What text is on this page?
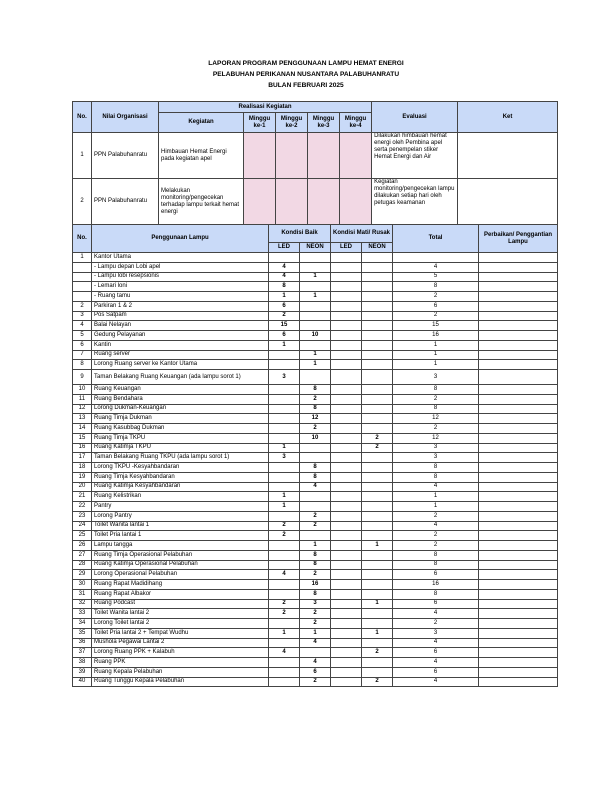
LAPORAN PROGRAM PENGGUNAAN LAMPU HEMAT ENERGI
PELABUHAN PERIKANAN NUSANTARA PALABUHANRATU
BULAN FEBRUARI 2025
No.	Nilai Organisasi	Realisasi Kegiatan					Evaluasi	Ket
		Kegiatan	Minggu ke-1	Minggu ke-2	Minggu ke-3	Minggu ke-4		
1	PPN Palabuhanratu	Himbauan Hemat Energi pada kegiatan apel					Dilakukan himbauan hemat energi oleh Pembina apel serta penempelan stiker Hemat Energi dan Air	
2	PPN Palabuhanratu	Melakukan monitoring/pengecekan terhadap lampu terkait hemat energi					Kegiatan monitoring/pengecekan lampu dilakukan setiap hari oleh petugas keamanan	
No.	Penggunaan Lampu	Kondisi Baik		Kondisi Mati/ Rusak		Total	Perbaikan/ Penggantian Lampu
		LED	NEON	LED	NEON		
1	Kantor Utama						
	- Lampu depan Lobi apel	4				4	
	- Lampu lobi resepsionis	4	1			5	
	- Lemari loni	8				8	
	- Ruang tamu	1	1			2	
2	Parkiran 1 & 2	6				6	
3	Pos Satpam	2				2	
4	Balai Nelayan	15				15	
5	Gedung Pelayanan	6	10			16	
6	Kantin	1				1	
7	Ruang server		1			1	
8	Lorong Ruang server ke Kantor Utama		1			1	
9	Taman Belakang Ruang Keuangan (ada lampu sorot 1)	3				3	
10	Ruang Keuangan		8			8	
11	Ruang Bendahara		2			2	
12	Lorong Dukman-Keuangan		8			8	
13	Ruang Timja Dukman		12			12	
14	Ruang Kasubbag Dukman		2			2	
15	Ruang Timja TKPU		10		2	12	
16	Ruang Katimja TKPU	1			2	3	
17	Taman Belakang Ruang TKPU (ada lampu sorot 1)	3				3	
18	Lorong TKPU -Kesyahbandaran		8			8	
19	Ruang Timja Kesyahbandaran		8			8	
20	Ruang Katimja Kesyahbandaran		4			4	
21	Ruang Kelistrikan	1				1	
22	Pantry	1				1	
23	Lorong Pantry		2			2	
24	Toilet Wanita lantai 1	2	2			4	
25	Toilet Pria lantai 1	2				2	
26	Lampu tangga		1		1	2	
27	Ruang Timja Operasional Pelabuhan		8			8	
28	Ruang Katimja Operasional Pelabuhan		8			8	
29	Lorong Operasional Pelabuhan	4	2			6	
30	Ruang Rapat Madidihang		16			16	
31	Ruang Rapat Albakor		8			8	
32	Ruang Podcast	2	3		1	6	
33	Toilet Wanita lantai 2	2	2			4	
34	Lorong Toilet lantai 2		2			2	
35	Toilet Pria lantai 2 + Tempat Wudhu	1	1		1	3	
36	Mushola Pegawai Lantai 2		4			4	
37	Lorong Ruang PPK + Kalabuh	4			2	6	
38	Ruang PPK		4			4	
39	Ruang Kepala Pelabuhan		6			6	
40	Ruang Tunggu Kepala Pelabuhan		2		2	4	
